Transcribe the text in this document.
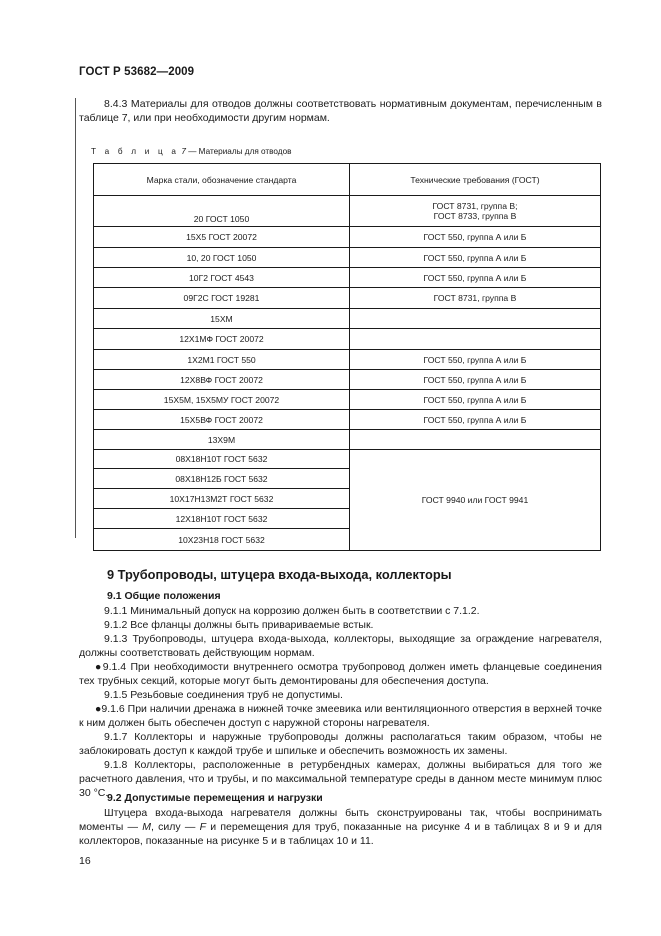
ГОСТ Р 53682—2009
8.4.3 Материалы для отводов должны соответствовать нормативным документам, перечисленным в таблице 7, или при необходимости другим нормам.
Т а б л и ц а 7 — Материалы для отводов
Марка стали, обозначение стандарта	Технические требования (ГОСТ)
20 ГОСТ 1050	ГОСТ 8731, группа В;
ГОСТ 8733, группа В

15Х5 ГОСТ 20072	ГОСТ 550, группа А или Б
10, 20 ГОСТ 1050	ГОСТ 550, группа А или Б
10Г2 ГОСТ 4543	ГОСТ 550, группа А или Б
09Г2С ГОСТ 19281	ГОСТ 8731, группа В
15ХМ	
12Х1МФ ГОСТ 20072	
1Х2М1 ГОСТ 550	ГОСТ 550, группа А или Б
12Х8ВФ ГОСТ 20072	ГОСТ 550, группа А или Б
15Х5М, 15Х5МУ ГОСТ 20072	ГОСТ 550, группа А или Б
15Х5ВФ ГОСТ 20072	ГОСТ 550, группа А или Б
13Х9М	
08Х18Н10Т ГОСТ 5632	ГОСТ 9940 или ГОСТ 9941
08Х18Н12Б ГОСТ 5632	
10Х17Н13М2Т ГОСТ 5632	
12Х18Н10Т ГОСТ 5632	
10Х23Н18 ГОСТ 5632	
9 Трубопроводы, штуцера входа-выхода, коллекторы
9.1 Общие положения
9.1.1 Минимальный допуск на коррозию должен быть в соответствии с 7.1.2.
9.1.2 Все фланцы должны быть привариваемые встык.
9.1.3 Трубопроводы, штуцера входа-выхода, коллекторы, выходящие за ограждение нагревателя, должны соответствовать действующим нормам.
●9.1.4 При необходимости внутреннего осмотра трубопровод должен иметь фланцевые соединения тех трубных секций, которые могут быть демонтированы для обеспечения доступа.
9.1.5 Резьбовые соединения труб не допустимы.
●9.1.6 При наличии дренажа в нижней точке змеевика или вентиляционного отверстия в верхней точке к ним должен быть обеспечен доступ с наружной стороны нагревателя.
9.1.7 Коллекторы и наружные трубопроводы должны располагаться таким образом, чтобы не заблокировать доступ к каждой трубе и шпильке и обеспечить возможность их замены.
9.1.8 Коллекторы, расположенные в ретурбендных камерах, должны выбираться для того же расчетного давления, что и трубы, и по максимальной температуре среды в данном месте минимум плюс 30 °С.
9.2 Допустимые перемещения и нагрузки
Штуцера входа-выхода нагревателя должны быть сконструированы так, чтобы воспринимать моменты — M, силу — F и перемещения для труб, показанные на рисунке 4 и в таблицах 8 и 9 и для коллекторов, показанные на рисунке 5 и в таблицах 10 и 11.
16
